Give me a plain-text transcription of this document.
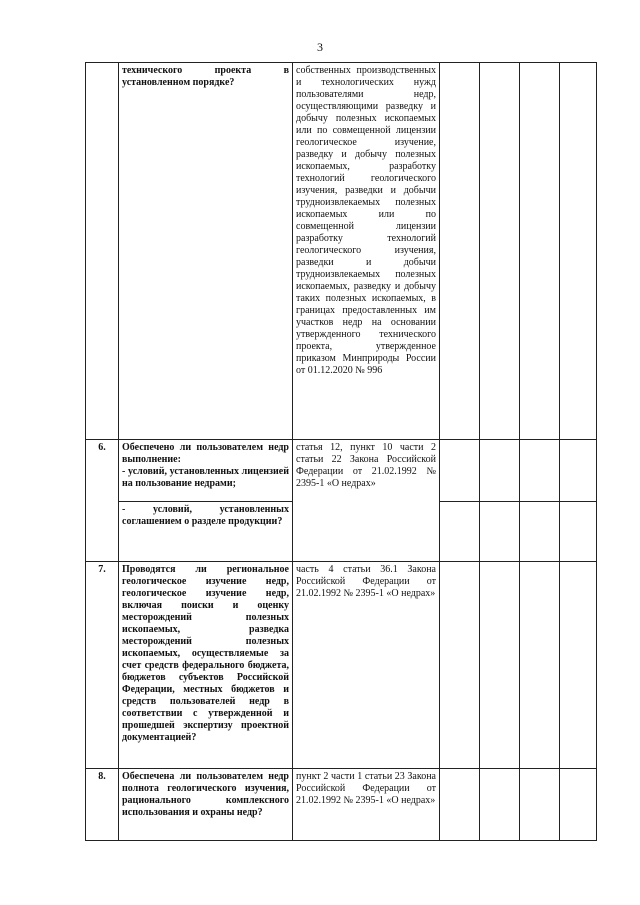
3
	технического проекта в установленном порядке?	собственных производственных и технологических нужд пользователями недр, осуществляющими разведку и добычу полезных ископаемых или по совмещенной лицензии геологическое изучение, разведку и добычу полезных ископаемых, разработку технологий геологического изучения, разведки и добычи трудноизвлекаемых полезных ископаемых или по совмещенной лицензии разработку технологий геологического изучения, разведки и добычи трудноизвлекаемых полезных ископаемых, разведку и добычу таких полезных ископаемых, в границах предоставленных им участков недр на основании утвержденного технического проекта, утвержденное приказом Минприроды России от 01.12.2020 № 996				
6.	Обеспечено ли пользователем недр выполнение:
- условий, установленных лицензией на пользование недрами;	статья 12, пункт 10 части 2 статьи 22 Закона Российской Федерации от 21.02.1992 № 2395-1 «О недрах»				

	- условий, установленных соглашением о разделе продукции?					

7.	Проводятся ли региональное геологическое изучение недр, геологическое изучение недр, включая поиски и оценку месторождений полезных ископаемых, разведка месторождений полезных ископаемых, осуществляемые за счет средств федерального бюджета, бюджетов субъектов Российской Федерации, местных бюджетов и средств пользователей недр в соответствии с утвержденной и прошедшей экспертизу проектной документацией?	часть 4 статьи 36.1 Закона Российской Федерации от 21.02.1992 № 2395-1 «О недрах»				
8.	Обеспечена ли пользователем недр полнота геологического изучения, рационального комплексного использования и охраны недр?	пункт 2 части 1 статьи 23 Закона Российской Федерации от 21.02.1992 № 2395-1 «О недрах»				
